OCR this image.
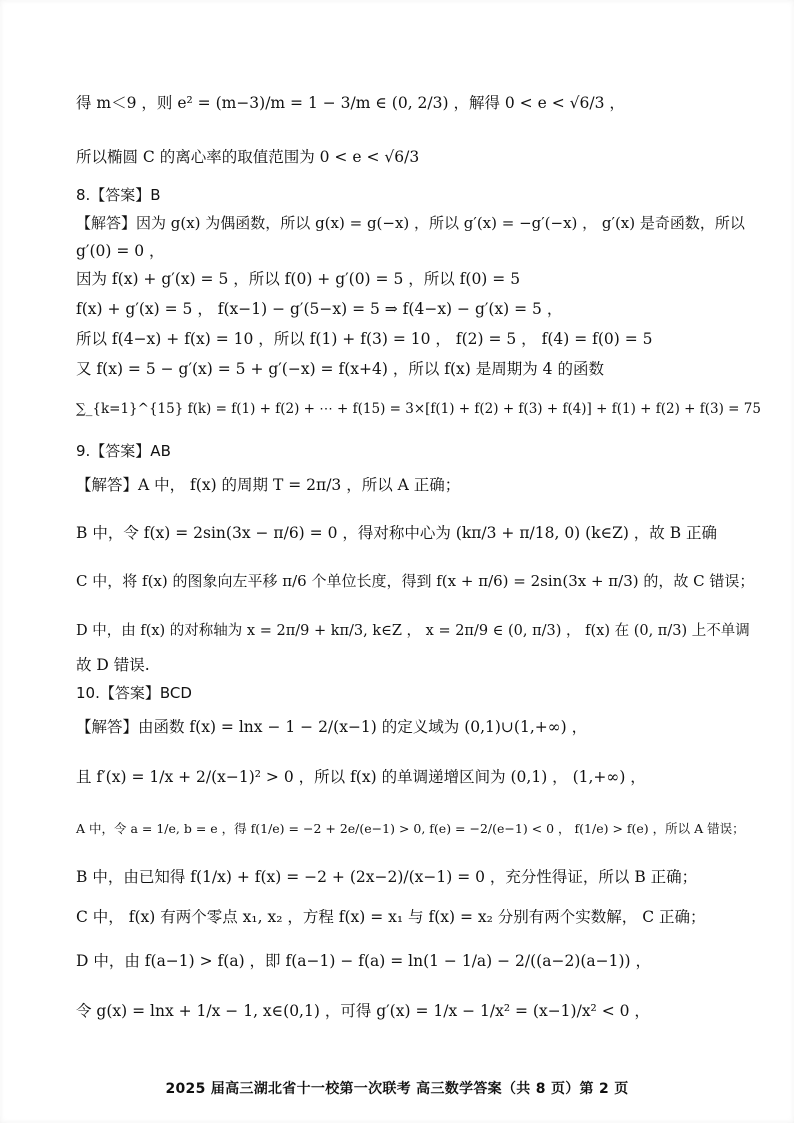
得 m＜9 ，则 e² = (m−3)/m = 1 − 3/m ∈ (0, 2/3) ，解得 0 < e < √6/3 ，
所以椭圆 C 的离心率的取值范围为 0 < e < √6/3
8.【答案】B
【解答】因为 g(x) 为偶函数，所以 g(x) = g(−x) ，所以 g′(x) = −g′(−x) ， g′(x) 是奇函数，所以
g′(0) = 0 ，
因为 f(x) + g′(x) = 5 ，所以 f(0) + g′(0) = 5 ，所以 f(0) = 5
f(x) + g′(x) = 5 ， f(x−1) − g′(5−x) = 5 ⇒ f(4−x) − g′(x) = 5 ，
所以 f(4−x) + f(x) = 10 ，所以 f(1) + f(3) = 10 ， f(2) = 5 ， f(4) = f(0) = 5
又 f(x) = 5 − g′(x) = 5 + g′(−x) = f(x+4) ，所以 f(x) 是周期为 4 的函数
∑_{k=1}^{15} f(k) = f(1) + f(2) + ⋯ + f(15) = 3×[f(1) + f(2) + f(3) + f(4)] + f(1) + f(2) + f(3) = 75
9.【答案】AB
【解答】A 中， f(x) 的周期 T = 2π/3 ，所以 A 正确；
B 中，令 f(x) = 2sin(3x − π/6) = 0 ，得对称中心为 (kπ/3 + π/18, 0) (k∈Z) ，故 B 正确
C 中，将 f(x) 的图象向左平移 π/6 个单位长度，得到 f(x + π/6) = 2sin(3x + π/3) 的，故 C 错误；
D 中，由 f(x) 的对称轴为 x = 2π/9 + kπ/3, k∈Z ， x = 2π/9 ∈ (0, π/3) ， f(x) 在 (0, π/3) 上不单调
故 D 错误.
10.【答案】BCD
【解答】由函数 f(x) = lnx − 1 − 2/(x−1) 的定义域为 (0,1)∪(1,+∞) ，
且 f′(x) = 1/x + 2/(x−1)² > 0 ，所以 f(x) 的单调递增区间为 (0,1) ， (1,+∞) ，
A 中，令 a = 1/e, b = e ，得 f(1/e) = −2 + 2e/(e−1) > 0, f(e) = −2/(e−1) < 0 ， f(1/e) > f(e) ，所以 A 错误；
B 中，由已知得 f(1/x) + f(x) = −2 + (2x−2)/(x−1) = 0 ，充分性得证，所以 B 正确；
C 中， f(x) 有两个零点 x₁, x₂ ，方程 f(x) = x₁ 与 f(x) = x₂ 分别有两个实数解， C 正确；
D 中，由 f(a−1) > f(a) ，即 f(a−1) − f(a) = ln(1 − 1/a) − 2/((a−2)(a−1)) ，
令 g(x) = lnx + 1/x − 1, x∈(0,1) ，可得 g′(x) = 1/x − 1/x² = (x−1)/x² < 0 ，
2025 届高三湖北省十一校第一次联考 高三数学答案（共 8 页）第 2 页
